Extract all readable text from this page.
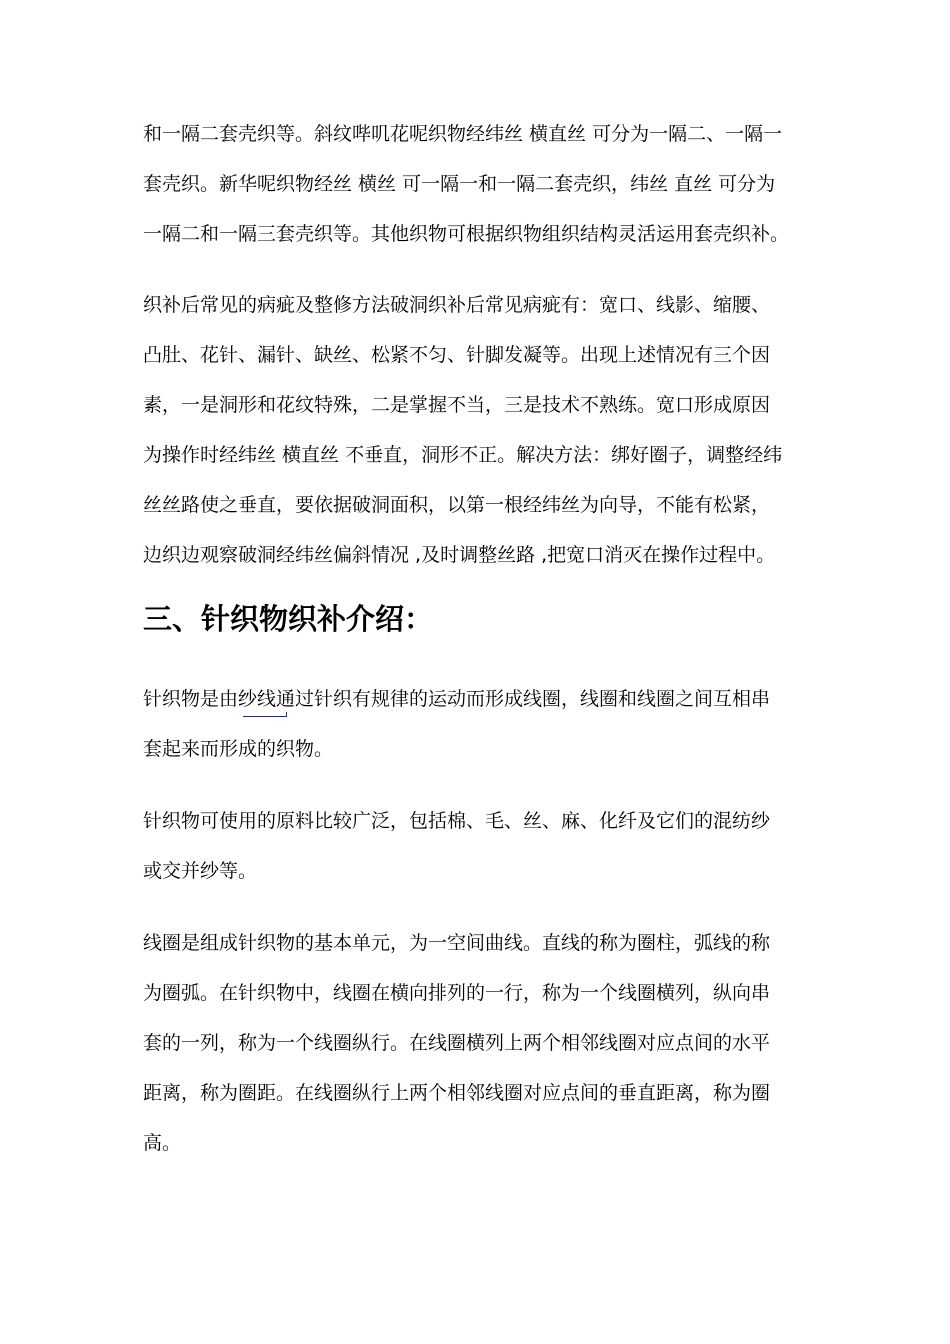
和一隔二套壳织等。斜纹哔叽花呢织物经纬丝 横直丝 可分为一隔二、一隔一
套壳织。新华呢织物经丝 横丝 可一隔一和一隔二套壳织，纬丝 直丝 可分为
一隔二和一隔三套壳织等。其他织物可根据织物组织结构灵活运用套壳织补。
织补后常见的病疵及整修方法破洞织补后常见病疵有：宽口、线影、缩腰、
凸肚、花针、漏针、缺丝、松紧不匀、针脚发凝等。出现上述情况有三个因
素，一是洞形和花纹特殊，二是掌握不当，三是技术不熟练。宽口形成原因
为操作时经纬丝 横直丝 不垂直，洞形不正。解决方法：绑好圈子，调整经纬
丝丝路使之垂直，要依据破洞面积，以第一根经纬丝为向导，不能有松紧，
边织边观察破洞经纬丝偏斜情况 ,及时调整丝路 ,把宽口消灭在操作过程中。
三、针织物织补介绍：
针织物是由纱线通过针织有规律的运动而形成线圈，线圈和线圈之间互相串
套起来而形成的织物。
针织物可使用的原料比较广泛，包括棉、毛、丝、麻、化纤及它们的混纺纱
或交并纱等。
线圈是组成针织物的基本单元，为一空间曲线。直线的称为圈柱，弧线的称
为圈弧。在针织物中，线圈在横向排列的一行，称为一个线圈横列，纵向串
套的一列，称为一个线圈纵行。在线圈横列上两个相邻线圈对应点间的水平
距离，称为圈距。在线圈纵行上两个相邻线圈对应点间的垂直距离，称为圈
高。
